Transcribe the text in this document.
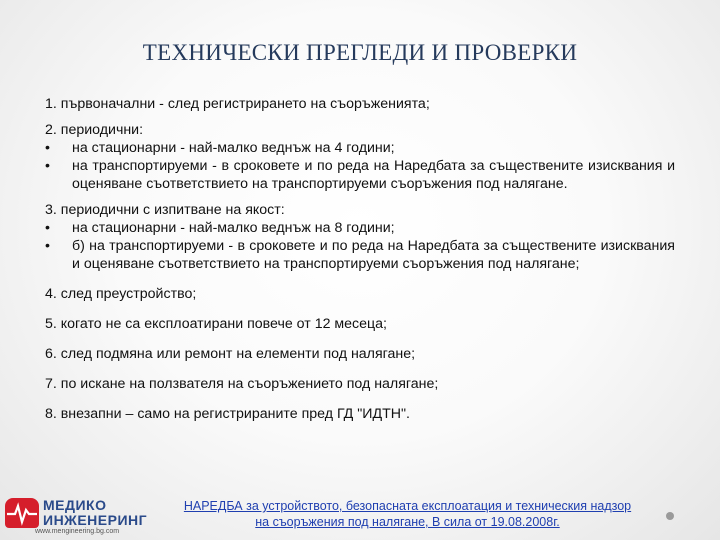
ТЕХНИЧЕСКИ ПРЕГЛЕДИ И ПРОВЕРКИ

1. първоначални - след регистрирането на съоръженията;

2. периодични:

•	на стационарни - най-малко веднъж на 4 години;
•	на транспортируеми - в сроковете и по реда на Наредбата за съществените изисквания и оценяване съответствието на транспортируеми съоръжения под налягане.

3. периодични с изпитване на якост:

•	на стационарни - най-малко веднъж на 8 години;
•	б) на транспортируеми - в сроковете и по реда на Наредбата за съществените изисквания и оценяване съответствието на транспортируеми съоръжения под налягане;

4. след преустройство;

5. когато не са експлоатирани повече от 12 месеца;

6. след подмяна или ремонт на елементи под налягане;

7. по искане на ползвателя на съоръжението под налягане;

8. внезапни – само на регистрираните пред ГД "ИДТН".

МЕДИКО
ИНЖЕНЕРИНГ
www.mengineering.bg.com
НАРЕДБА за устройството, безопасната експлоатация и техническия надзор
на съоръжения под налягане, В сила от 19.08.2008г.
